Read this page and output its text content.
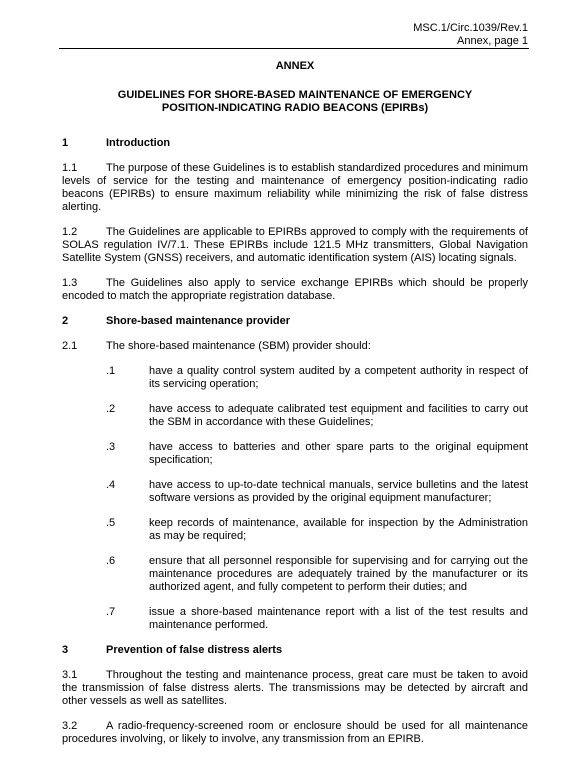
MSC.1/Circ.1039/Rev.1
Annex, page 1
ANNEX
GUIDELINES FOR SHORE-BASED MAINTENANCE OF EMERGENCY
POSITION-INDICATING RADIO BEACONS (EPIRBs)
1	Introduction
1.1	The purpose of these Guidelines is to establish standardized procedures and minimum levels of service for the testing and maintenance of emergency position-indicating radio beacons (EPIRBs) to ensure maximum reliability while minimizing the risk of false distress alerting.
1.2	The Guidelines are applicable to EPIRBs approved to comply with the requirements of SOLAS regulation IV/7.1. These EPIRBs include 121.5 MHz transmitters, Global Navigation Satellite System (GNSS) receivers, and automatic identification system (AIS) locating signals.
1.3	The Guidelines also apply to service exchange EPIRBs which should be properly encoded to match the appropriate registration database.
2	Shore-based maintenance provider
2.1	The shore-based maintenance (SBM) provider should:
.1	have a quality control system audited by a competent authority in respect of its servicing operation;
.2	have access to adequate calibrated test equipment and facilities to carry out the SBM in accordance with these Guidelines;
.3	have access to batteries and other spare parts to the original equipment specification;
.4	have access to up-to-date technical manuals, service bulletins and the latest software versions as provided by the original equipment manufacturer;
.5	keep records of maintenance, available for inspection by the Administration as may be required;
.6	ensure that all personnel responsible for supervising and for carrying out the maintenance procedures are adequately trained by the manufacturer or its authorized agent, and fully competent to perform their duties; and
.7	issue a shore-based maintenance report with a list of the test results and maintenance performed.
3	Prevention of false distress alerts
3.1	Throughout the testing and maintenance process, great care must be taken to avoid the transmission of false distress alerts. The transmissions may be detected by aircraft and other vessels as well as satellites.
3.2	A radio-frequency-screened room or enclosure should be used for all maintenance procedures involving, or likely to involve, any transmission from an EPIRB.
